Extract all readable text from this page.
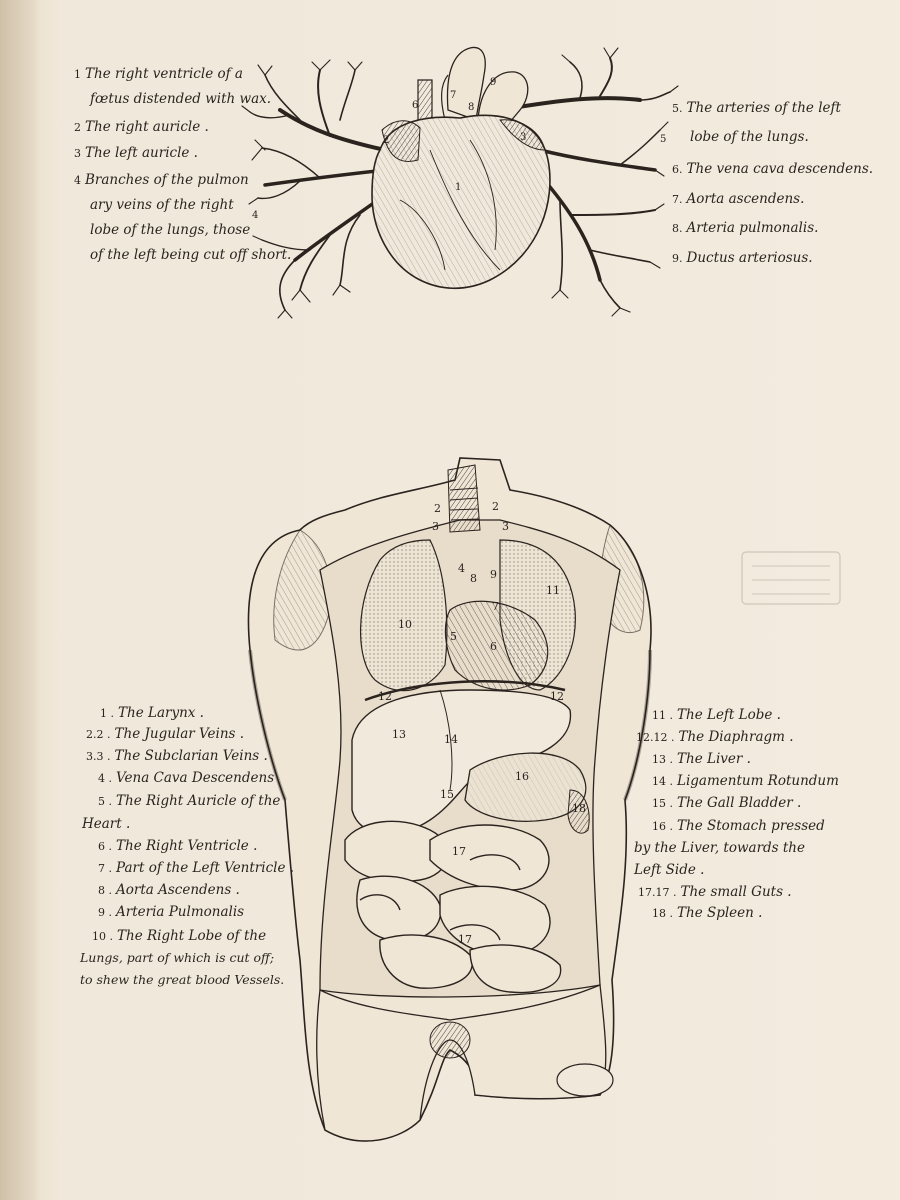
1
2	3
4
5
6
7
8
9
2	2
3	3
4
5
6
7
8 9
10
11
12	12
13	14
15
16
17
17
18
1 The right ventricle of a
fœtus distended with wax.
2 The right auricle .
3 The left auricle .
4 Branches of the pulmon
ary veins of the right
lobe of the lungs, those
of the left being cut off short.
5. The arteries of the left
lobe of the lungs.
6. The vena cava descendens.
7. Aorta ascendens.
8. Arteria pulmonalis.
9. Ductus arteriosus.
1 . The Larynx .
2.2 . The Jugular Veins .
3.3 . The Subclarian Veins .
4 . Vena Cava Descendens
5 . The Right Auricle of the
Heart .
6 . The Right Ventricle .
7 . Part of the Left Ventricle .
8 . Aorta Ascendens .
9 . Arteria Pulmonalis
10 . The Right Lobe of the
Lungs, part of which is cut off;
to shew the great blood Vessels.
11 . The Left Lobe .
12.12 . The Diaphragm .
13 . The Liver .
14 . Ligamentum Rotundum
15 . The Gall Bladder .
16 . The Stomach pressed
by the Liver, towards the
Left Side .
17.17 . The small Guts .
18 . The Spleen .
